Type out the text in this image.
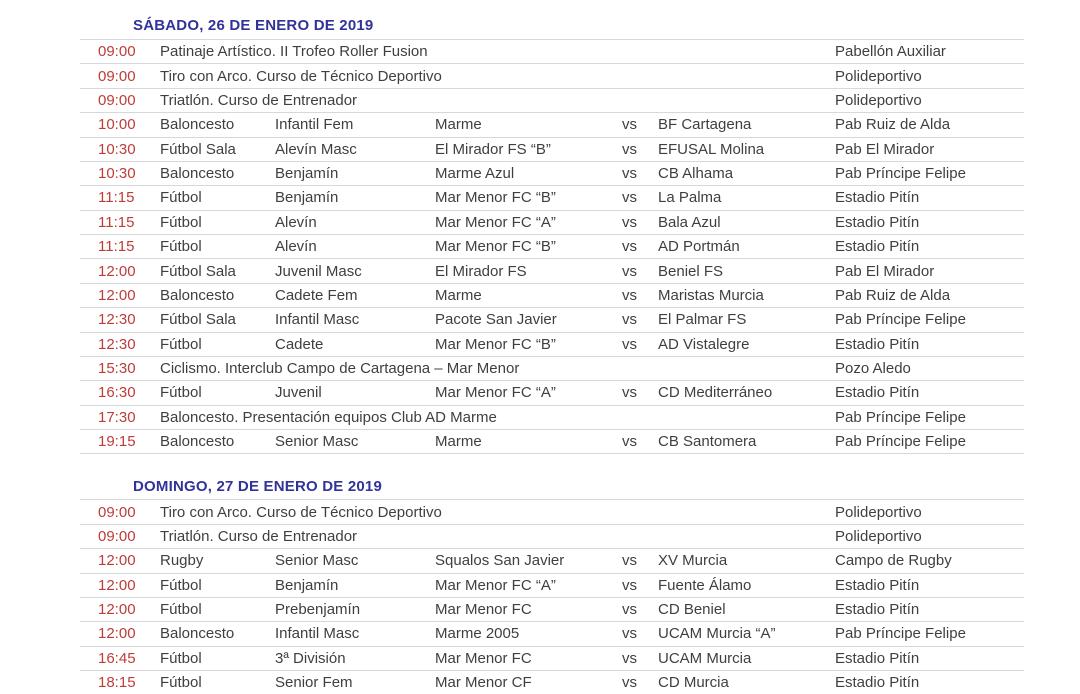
SÁBADO, 26 DE ENERO DE 2019
09:00	Patinaje Artístico. II Trofeo Roller Fusion	Pabellón Auxiliar
09:00	Tiro con Arco. Curso de Técnico Deportivo	Polideportivo
09:00	Triatlón. Curso de Entrenador	Polideportivo
10:00	Baloncesto	Infantil Fem	Marme	vs	BF Cartagena	Pab Ruiz de Alda
10:30	Fútbol Sala	Alevín Masc	El Mirador FS “B”	vs	EFUSAL Molina	Pab El Mirador
10:30	Baloncesto	Benjamín	Marme Azul	vs	CB Alhama	Pab Príncipe Felipe
11:15	Fútbol	Benjamín	Mar Menor FC “B”	vs	La Palma	Estadio Pitín
11:15	Fútbol	Alevín	Mar Menor FC “A”	vs	Bala Azul	Estadio Pitín
11:15	Fútbol	Alevín	Mar Menor FC “B”	vs	AD Portmán	Estadio Pitín
12:00	Fútbol Sala	Juvenil Masc	El Mirador FS	vs	Beniel FS	Pab El Mirador
12:00	Baloncesto	Cadete Fem	Marme	vs	Maristas Murcia	Pab Ruiz de Alda
12:30	Fútbol Sala	Infantil Masc	Pacote San Javier	vs	El Palmar FS	Pab Príncipe Felipe
12:30	Fútbol	Cadete	Mar Menor FC “B”	vs	AD Vistalegre	Estadio Pitín
15:30	Ciclismo. Interclub Campo de Cartagena – Mar Menor	Pozo Aledo
16:30	Fútbol	Juvenil	Mar Menor FC “A”	vs	CD Mediterráneo	Estadio Pitín
17:30	Baloncesto. Presentación equipos Club AD Marme	Pab Príncipe Felipe
19:15	Baloncesto	Senior Masc	Marme	vs	CB Santomera	Pab Príncipe Felipe
DOMINGO, 27 DE ENERO DE 2019
09:00	Tiro con Arco. Curso de Técnico Deportivo	Polideportivo
09:00	Triatlón. Curso de Entrenador	Polideportivo
12:00	Rugby	Senior Masc	Squalos San Javier	vs	XV Murcia	Campo de Rugby
12:00	Fútbol	Benjamín	Mar Menor FC “A”	vs	Fuente Álamo	Estadio Pitín
12:00	Fútbol	Prebenjamín	Mar Menor FC	vs	CD Beniel	Estadio Pitín
12:00	Baloncesto	Infantil Masc	Marme 2005	vs	UCAM Murcia “A”	Pab Príncipe Felipe
16:45	Fútbol	3ª División	Mar Menor FC	vs	UCAM Murcia	Estadio Pitín
18:15	Fútbol	Senior Fem	Mar Menor CF	vs	CD Murcia	Estadio Pitín
